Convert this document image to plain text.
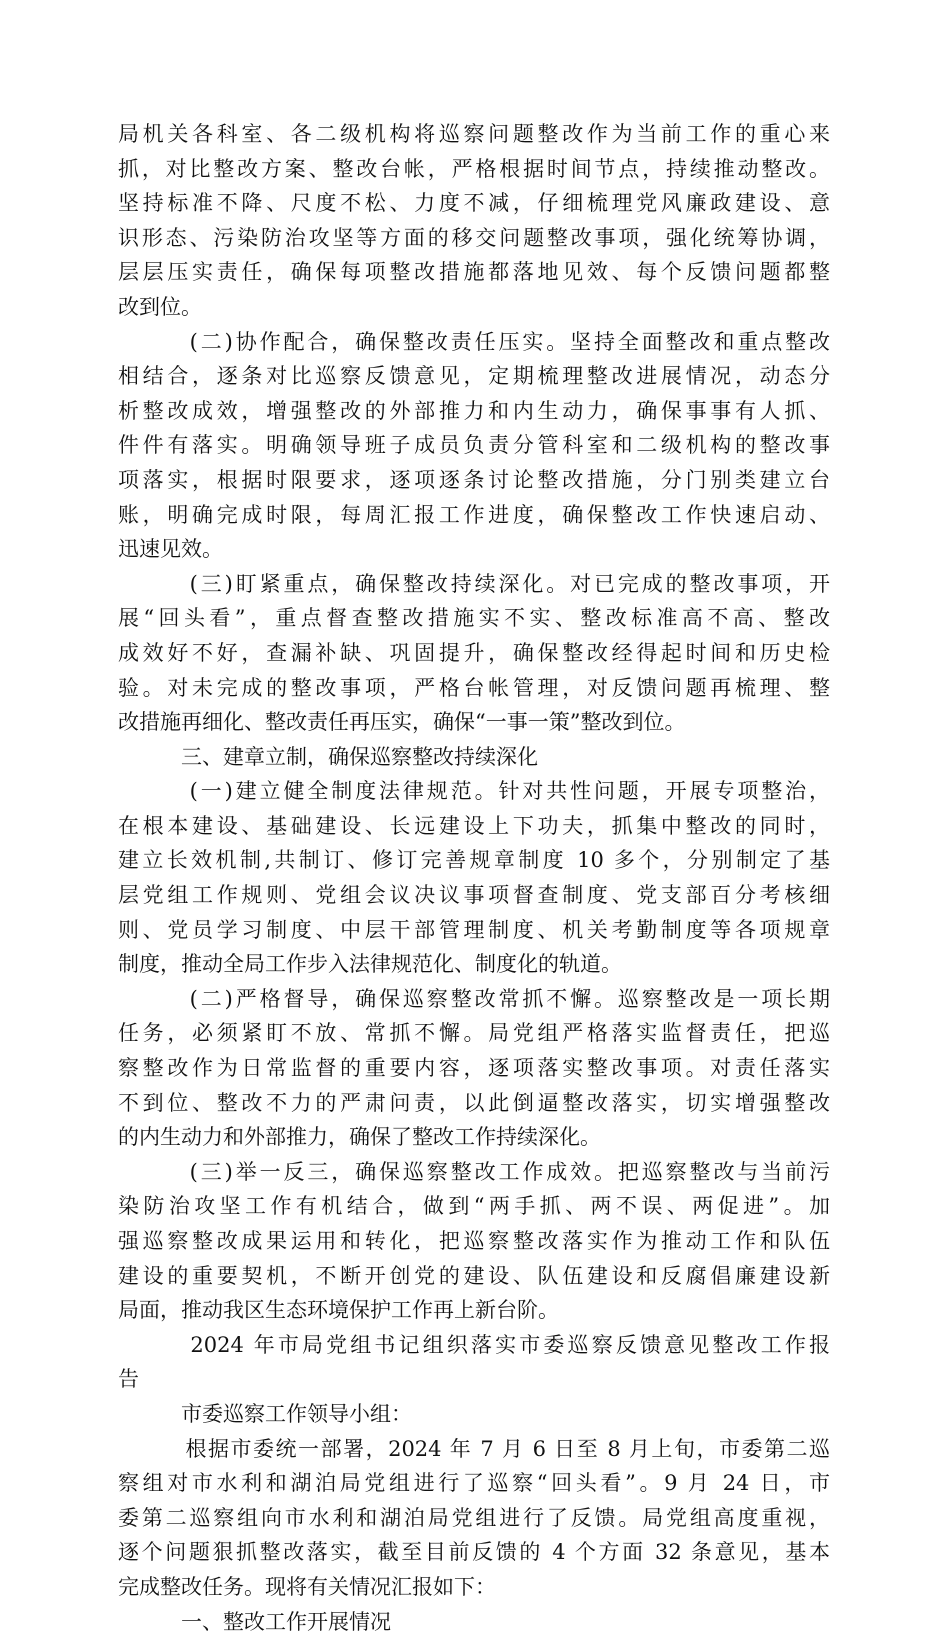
局机关各科室、各二级机构将巡察问题整改作为当前工作的重心来
抓，对比整改方案、整改台帐，严格根据时间节点，持续推动整改。
坚持标准不降、尺度不松、力度不减，仔细梳理党风廉政建设、意
识形态、污染防治攻坚等方面的移交问题整改事项，强化统筹协调，
层层压实责任，确保每项整改措施都落地见效、每个反馈问题都整
改到位。
　　　(二)协作配合，确保整改责任压实。坚持全面整改和重点整改
相结合，逐条对比巡察反馈意见，定期梳理整改进展情况，动态分
析整改成效，增强整改的外部推力和内生动力，确保事事有人抓、
件件有落实。明确领导班子成员负责分管科室和二级机构的整改事
项落实，根据时限要求，逐项逐条讨论整改措施，分门别类建立台
账，明确完成时限，每周汇报工作进度，确保整改工作快速启动、
迅速见效。
　　　(三)盯紧重点，确保整改持续深化。对已完成的整改事项，开
展“回头看”，重点督查整改措施实不实、整改标准高不高、整改
成效好不好，查漏补缺、巩固提升，确保整改经得起时间和历史检
验。对未完成的整改事项，严格台帐管理，对反馈问题再梳理、整
改措施再细化、整改责任再压实，确保“一事一策”整改到位。
　　　三、建章立制，确保巡察整改持续深化
　　　(一)建立健全制度法律规范。针对共性问题，开展专项整治，
在根本建设、基础建设、长远建设上下功夫，抓集中整改的同时，
建立长效机制,共制订、修订完善规章制度 10 多个，分别制定了基
层党组工作规则、党组会议决议事项督查制度、党支部百分考核细
则、党员学习制度、中层干部管理制度、机关考勤制度等各项规章
制度，推动全局工作步入法律规范化、制度化的轨道。
　　　(二)严格督导，确保巡察整改常抓不懈。巡察整改是一项长期
任务，必须紧盯不放、常抓不懈。局党组严格落实监督责任，把巡
察整改作为日常监督的重要内容，逐项落实整改事项。对责任落实
不到位、整改不力的严肃问责，以此倒逼整改落实，切实增强整改
的内生动力和外部推力，确保了整改工作持续深化。
　　　(三)举一反三，确保巡察整改工作成效。把巡察整改与当前污
染防治攻坚工作有机结合，做到“两手抓、两不误、两促进”。加
强巡察整改成果运用和转化，把巡察整改落实作为推动工作和队伍
建设的重要契机，不断开创党的建设、队伍建设和反腐倡廉建设新
局面，推动我区生态环境保护工作再上新台阶。
　　　2024 年市局党组书记组织落实市委巡察反馈意见整改工作报
告
　　　市委巡察工作领导小组：
　　　根据市委统一部署，2024 年 7 月 6 日至 8 月上旬，市委第二巡
察组对市水利和湖泊局党组进行了巡察“回头看”。9 月 24 日，市
委第二巡察组向市水利和湖泊局党组进行了反馈。局党组高度重视，
逐个问题狠抓整改落实，截至目前反馈的 4 个方面 32 条意见，基本
完成整改任务。现将有关情况汇报如下：
　　　一、整改工作开展情况
